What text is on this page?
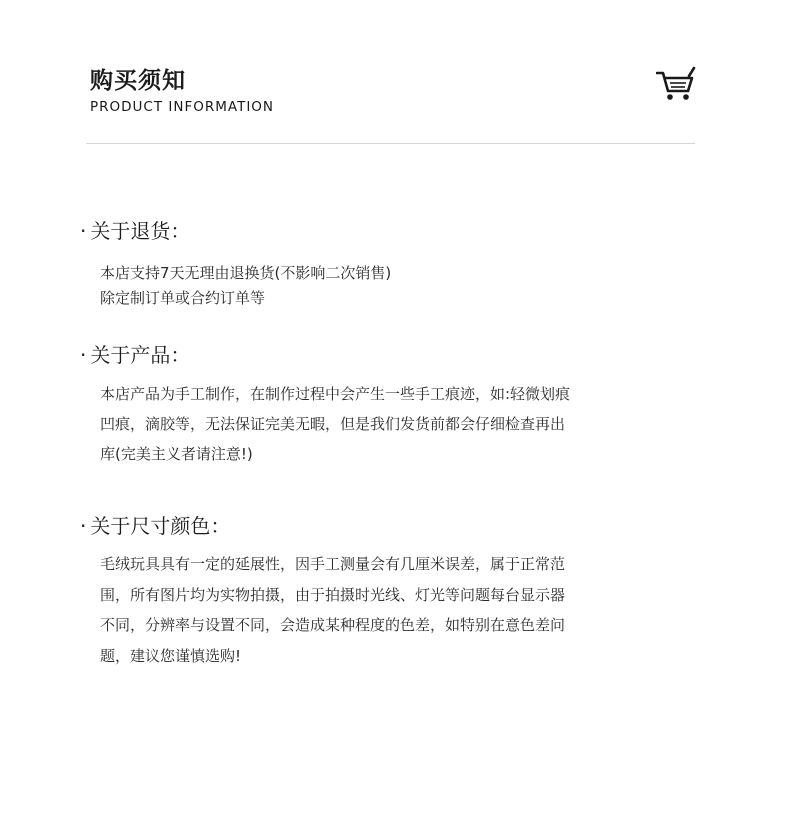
购买须知
PRODUCT INFORMATION
· 关于退货：
本店支持7天无理由退换货(不影响二次销售)
除定制订单或合约订单等
· 关于产品：
本店产品为手工制作，在制作过程中会产生一些手工痕迹，如:轻微划痕
凹痕，滴胶等，无法保证完美无暇，但是我们发货前都会仔细检查再出
库(完美主义者请注意!)
· 关于尺寸颜色：
毛绒玩具具有一定的延展性，因手工测量会有几厘米误差，属于正常范
围，所有图片均为实物拍摄，由于拍摄时光线、灯光等问题每台显示器
不同，分辨率与设置不同，会造成某种程度的色差，如特别在意色差问
题，建议您谨慎选购!
